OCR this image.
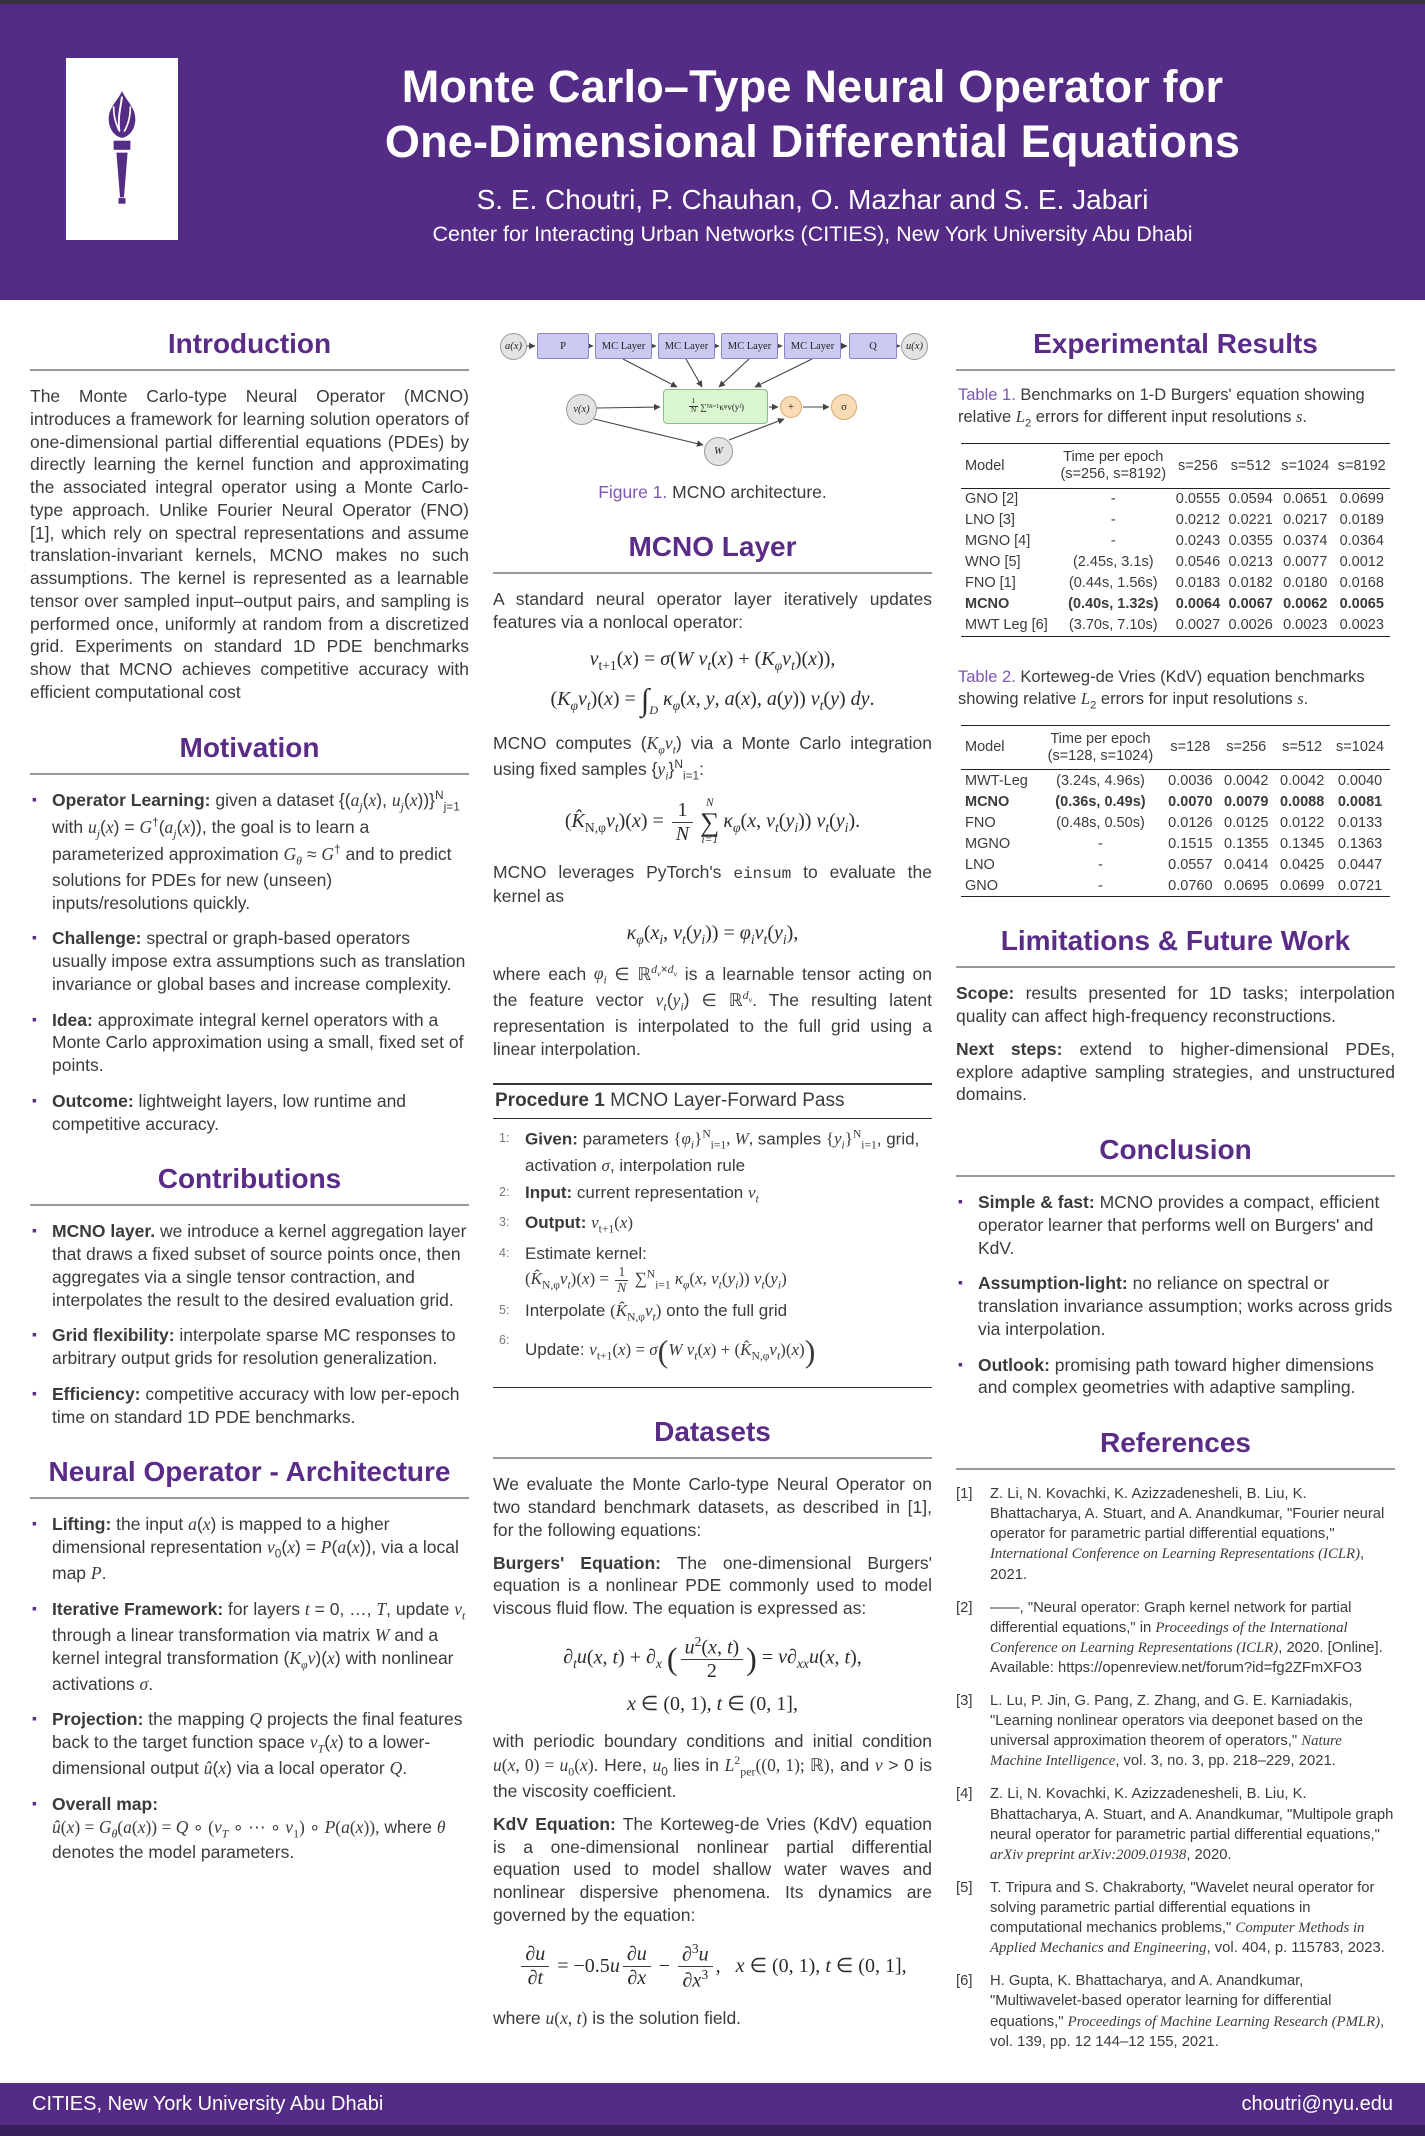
Monte Carlo–Type Neural Operator for
One-Dimensional Differential Equations
S. E. Choutri, P. Chauhan, O. Mazhar and S. E. Jabari
Center for Interacting Urban Networks (CITIES), New York University Abu Dhabi
Introduction

The Monte Carlo-type Neural Operator (MCNO) introduces a framework for learning solution operators of one-dimensional partial differential equations (PDEs) by directly learning the kernel function and approximating the associated integral operator using a Monte Carlo-type approach. Unlike Fourier Neural Operator (FNO) [1], which rely on spectral representations and assume translation-invariant kernels, MCNO makes no such assumptions. The kernel is represented as a learnable tensor over sampled input–output pairs, and sampling is performed once, uniformly at random from a discretized grid. Experiments on standard 1D PDE benchmarks show that MCNO achieves competitive accuracy with efficient computational cost

Motivation
▪ Operator Learning: given a dataset {($a_j(x)$, $u_j(x))\}^N_{j=1}$ with $u_j(x) = G^\dagger(a_j(x))$, the goal is to learn a parameterized approximation $G_\theta \approx G^\dagger$ and to predict solutions for PDEs for new (unseen) inputs/resolutions quickly.
▪ Challenge: spectral or graph-based operators usually impose extra assumptions such as translation invariance or global bases and increase complexity.
▪ Idea: approximate integral kernel operators with a Monte Carlo approximation using a small, fixed set of points.
▪ Outcome: lightweight layers, low runtime and competitive accuracy.
Contributions
▪ MCNO layer. we introduce a kernel aggregation layer that draws a fixed subset of source points once, then aggregates via a single tensor contraction, and interpolates the result to the desired evaluation grid.
▪ Grid flexibility: interpolate sparse MC responses to arbitrary output grids for resolution generalization.
▪ Efficiency: competitive accuracy with low per-epoch time on standard 1D PDE benchmarks.
Neural Operator - Architecture
▪ Lifting: the input a(x) is mapped to a higher dimensional representation $v_0(x) = P(a(x))$, via a local map P.
▪ Iterative Framework: for layers t = 0, …, T, update $v_t$ through a linear transformation via matrix W and a kernel integral transformation $(K_\varphi v)(x)$ with nonlinear activations σ.
▪ Projection: the mapping Q projects the final features back to the target function space $v_T(x)$ to a lower-dimensional output û(x) via a local operator Q.
▪ Overall map:
û(x) = $G_\theta(a(x)) = Q$ ∘ ($\nu_T$ ∘ ⋯ ∘ $\nu_1$) ∘ P(a(x)), where θ denotes the model parameters.
a(x)	P	MC Layer	MC Layer	MC Layer	MC Layer	Q	u(x)
v(x)
1
N ∑ N i=1 κ φ v(y i )	+	σ
W
Figure 1. MCNO architecture.
MCNO Layer

A standard neural operator layer iteratively updates features via a nonlocal operator:

$v_{t+1}(x) = \sigma(W$ $v_t(x) + (K_\varphi v_t)(x)$),
$(K_\varphi v_t)(x) = \int_D$ $\kappa_\varphi(x$, y, a(x), a(y)) $v_t(y)$ dy.

MCNO computes $(K_\varphi v_t)$ via a Monte Carlo integration using fixed samples $\{y_i\}^N_{i=1}$:

$(K̂_{N,\varphi}v_t)(x) = \frac{1}{N}$ N
∑
i=1
$\kappa_\varphi(x$, $v_t(y_i)$) $v_t(y_i)$.

MCNO leverages PyTorch's einsum to evaluate the kernel as

$\kappa_\varphi(x_i$, $v_t(y_i)) = \varphi_iv_t(y_i)$,

where each $\varphi_i$ ∈ ℝ$^{d_v\times d_v}$ is a learnable tensor acting on the feature vector $v_t(y_i)$ ∈ ℝ$^{d_v}$. The resulting latent representation is interpolated to the full grid using a linear interpolation.

Procedure 1 MCNO Layer-Forward Pass
1: Given: parameters $\{\varphi_i\}^N_{i=1}$, W, samples $\{y_i\}^N_{i=1}$, grid, activation σ, interpolation rule
2: Input: current representation $v_t$
3: Output: $v_{t+1}(x)$
4: Estimate kernel:
$(K̂_{N,\varphi}v_t)(x) = \frac{1}{N} \sum^N_{i=1}$ $\kappa_\varphi(x$, $v_t(y_i)$) $v_t(y_i)$
5: Interpolate $(K̂_{N,\varphi}v_t)$ onto the full grid
6: Update: $v_{t+1}(x) = \sigma(W$ $v_t(x)$ + $(K̂_{N,\varphi}v_t)(x)$)
Datasets

We evaluate the Monte Carlo-type Neural Operator on two standard benchmark datasets, as described in [1], for the following equations:

Burgers' Equation: The one-dimensional Burgers' equation is a nonlinear PDE commonly used to model viscous fluid flow. The equation is expressed as:

$\partial_tu(x$, $t) + \partial_x$ ( $\frac{u^2(x, t)}{2}$ ) = $\nu\partial_{xx}u(x$, t),
x ∈ (0, 1), t ∈ (0, 1],

with periodic boundary conditions and initial condition u(x, $0) = u_0(x)$. Here, $u_0$ lies in $L^2_{per}((0$, 1); ℝ), and ν > 0 is the viscosity coefficient.

KdV Equation: The Korteweg-de Vries (KdV) equation is a one-dimensional nonlinear partial differential equation used to model shallow water waves and nonlinear dispersive phenomena. Its dynamics are governed by the equation:

$\frac{\partial u}{\partial t} = -0.5u \frac{\partial u}{\partial x} - \frac{\partial^3u}{\partial x^3}$ ,   x ∈ (0, 1), t ∈ (0, 1],

where u(x, t) is the solution field.

Experimental Results
Table 1. Benchmarks on 1-D Burgers' equation showing relative $L_2$ errors for different input resolutions s.
Model	Time per epoch
(s=256, s=8192)	s=256	s=512	s=1024	s=8192
GNO [2]	-	0.0555	0.0594	0.0651	0.0699
LNO [3]	-	0.0212	0.0221	0.0217	0.0189
MGNO [4]	-	0.0243	0.0355	0.0374	0.0364
WNO [5]	(2.45s, 3.1s)	0.0546	0.0213	0.0077	0.0012
FNO [1]	(0.44s, 1.56s)	0.0183	0.0182	0.0180	0.0168
MCNO	(0.40s, 1.32s)	0.0064	0.0067	0.0062	0.0065
MWT Leg [6]	(3.70s, 7.10s)	0.0027	0.0026	0.0023	0.0023
Table 2. Korteweg-de Vries (KdV) equation benchmarks showing relative $L_2$ errors for input resolutions s.
Model	Time per epoch
(s=128, s=1024)	s=128	s=256	s=512	s=1024
MWT-Leg	(3.24s, 4.96s)	0.0036	0.0042	0.0042	0.0040
MCNO	(0.36s, 0.49s)	0.0070	0.0079	0.0088	0.0081
FNO	(0.48s, 0.50s)	0.0126	0.0125	0.0122	0.0133
MGNO	-	0.1515	0.1355	0.1345	0.1363
LNO	-	0.0557	0.0414	0.0425	0.0447
GNO	-	0.0760	0.0695	0.0699	0.0721
Limitations & Future Work

Scope: results presented for 1D tasks; interpolation quality can affect high-frequency reconstructions.

Next steps: extend to higher-dimensional PDEs, explore adaptive sampling strategies, and unstructured domains.

Conclusion
▪ Simple & fast: MCNO provides a compact, efficient operator learner that performs well on Burgers' and KdV.
▪ Assumption-light: no reliance on spectral or translation invariance assumption; works across grids via interpolation.
▪ Outlook: promising path toward higher dimensions and complex geometries with adaptive sampling.
References
[1] Z. Li, N. Kovachki, K. Azizzadenesheli, B. Liu, K. Bhattacharya, A. Stuart, and A. Anandkumar, "Fourier neural operator for parametric partial differential equations," International Conference on Learning Representations (ICLR), 2021.
[2] ——, "Neural operator: Graph kernel network for partial differential equations," in Proceedings of the International Conference on Learning Representations (ICLR), 2020. [Online]. Available: https://openreview.net/forum?id=fg2ZFmXFO3
[3] L. Lu, P. Jin, G. Pang, Z. Zhang, and G. E. Karniadakis, "Learning nonlinear operators via deeponet based on the universal approximation theorem of operators," Nature Machine Intelligence, vol. 3, no. 3, pp. 218–229, 2021.
[4] Z. Li, N. Kovachki, K. Azizzadenesheli, B. Liu, K. Bhattacharya, A. Stuart, and A. Anandkumar, "Multipole graph neural operator for parametric partial differential equations," arXiv preprint arXiv:2009.01938, 2020.
[5] T. Tripura and S. Chakraborty, "Wavelet neural operator for solving parametric partial differential equations in computational mechanics problems," Computer Methods in Applied Mechanics and Engineering, vol. 404, p. 115783, 2023.
[6] H. Gupta, K. Bhattacharya, and A. Anandkumar, "Multiwavelet-based operator learning for differential equations," Proceedings of Machine Learning Research (PMLR), vol. 139, pp. 12 144–12 155, 2021.
CITIES, New York University Abu Dhabi	choutri@nyu.edu
